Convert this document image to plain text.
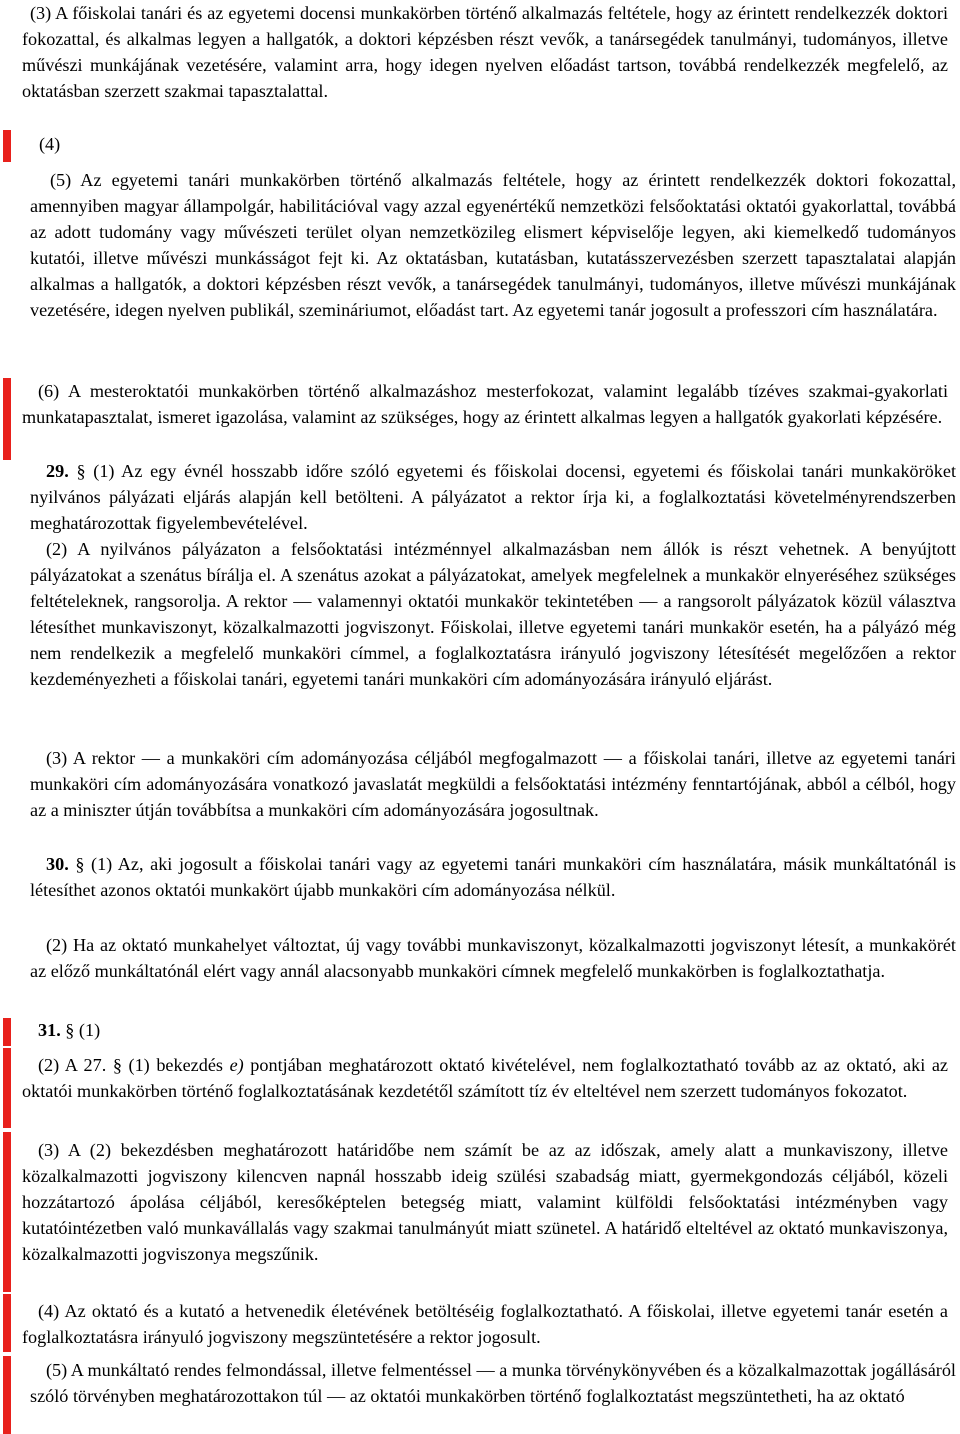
(3) A főiskolai tanári és az egyetemi docensi munkakörben történő alkalmazás feltétele, hogy az érintett rendelkezzék doktori fokozattal, és alkalmas legyen a hallgatók, a doktori képzésben részt vevők, a tanársegédek tanulmányi, tudományos, illetve művészi munkájának vezetésére, valamint arra, hogy idegen nyelven előadást tartson, továbbá rendelkezzék megfelelő, az oktatásban szerzett szakmai tapasztalattal.

(4)

(5) Az egyetemi tanári munkakörben történő alkalmazás feltétele, hogy az érintett rendelkezzék doktori fokozattal, amennyiben magyar állampolgár, habilitációval vagy azzal egyenértékű nemzetközi felsőoktatási oktatói gyakorlattal, továbbá az adott tudomány vagy művészeti terület olyan nemzetközileg elismert képviselője legyen, aki kiemelkedő tudományos kutatói, illetve művészi munkásságot fejt ki. Az oktatásban, kutatásban, kutatásszervezésben szerzett tapasztalatai alapján alkalmas a hallgatók, a doktori képzésben részt vevők, a tanársegédek tanulmányi, tudományos, illetve művészi munkájának vezetésére, idegen nyelven publikál, szemináriumot, előadást tart. Az egyetemi tanár jogosult a professzori cím használatára.

(6) A mesteroktatói munkakörben történő alkalmazáshoz mesterfokozat, valamint legalább tízéves szakmai-gyakorlati munkatapasztalat, ismeret igazolása, valamint az szükséges, hogy az érintett alkalmas legyen a hallgatók gyakorlati képzésére.

29. § (1) Az egy évnél hosszabb időre szóló egyetemi és főiskolai docensi, egyetemi és főiskolai tanári munkaköröket nyilvános pályázati eljárás alapján kell betölteni. A pályázatot a rektor írja ki, a foglalkoztatási követelményrendszerben meghatározottak figyelembevételével.

(2) A nyilvános pályázaton a felsőoktatási intézménnyel alkalmazásban nem állók is részt vehetnek. A benyújtott pályázatokat a szenátus bírálja el. A szenátus azokat a pályázatokat, amelyek megfelelnek a munkakör elnyeréséhez szükséges feltételeknek, rangsorolja. A rektor — valamennyi oktatói munkakör tekintetében — a rangsorolt pályázatok közül választva létesíthet munkaviszonyt, közalkalmazotti jogviszonyt. Főiskolai, illetve egyetemi tanári munkakör esetén, ha a pályázó még nem rendelkezik a megfelelő munkaköri címmel, a foglalkoztatásra irányuló jogviszony létesítését megelőzően a rektor kezdeményezheti a főiskolai tanári, egyetemi tanári munkaköri cím adományozására irányuló eljárást.

(3) A rektor — a munkaköri cím adományozása céljából megfogalmazott — a főiskolai tanári, illetve az egyetemi tanári munkaköri cím adományozására vonatkozó javaslatát megküldi a felsőoktatási intézmény fenntartójának, abból a célból, hogy az a miniszter útján továbbítsa a munkaköri cím adományozására jogosultnak.

30. § (1) Az, aki jogosult a főiskolai tanári vagy az egyetemi tanári munkaköri cím használatára, másik munkáltatónál is létesíthet azonos oktatói munkakört újabb munkaköri cím adományozása nélkül.

(2) Ha az oktató munkahelyet változtat, új vagy további munkaviszonyt, közalkalmazotti jogviszonyt létesít, a munkakörét az előző munkáltatónál elért vagy annál alacsonyabb munkaköri címnek megfelelő munkakörben is foglalkoztathatja.

31. § (1)

(2) A 27. § (1) bekezdés e) pontjában meghatározott oktató kivételével, nem foglalkoztatható tovább az az oktató, aki az oktatói munkakörben történő foglalkoztatásának kezdetétől számított tíz év elteltével nem szerzett tudományos fokozatot.

(3) A (2) bekezdésben meghatározott határidőbe nem számít be az az időszak, amely alatt a munkaviszony, illetve közalkalmazotti jogviszony kilencven napnál hosszabb ideig szülési szabadság miatt, gyermekgondozás céljából, közeli hozzátartozó ápolása céljából, keresőképtelen betegség miatt, valamint külföldi felsőoktatási intézményben vagy kutatóintézetben való munkavállalás vagy szakmai tanulmányút miatt szünetel. A határidő elteltével az oktató munkaviszonya, közalkalmazotti jogviszonya megszűnik.

(4) Az oktató és a kutató a hetvenedik életévének betöltéséig foglalkoztatható. A főiskolai, illetve egyetemi tanár esetén a foglalkoztatásra irányuló jogviszony megszüntetésére a rektor jogosult.

(5) A munkáltató rendes felmondással, illetve felmentéssel — a munka törvénykönyvében és a közalkalmazottak jogállásáról szóló törvényben meghatározottakon túl — az oktatói munkakörben történő foglalkoztatást megszüntetheti, ha az oktató
